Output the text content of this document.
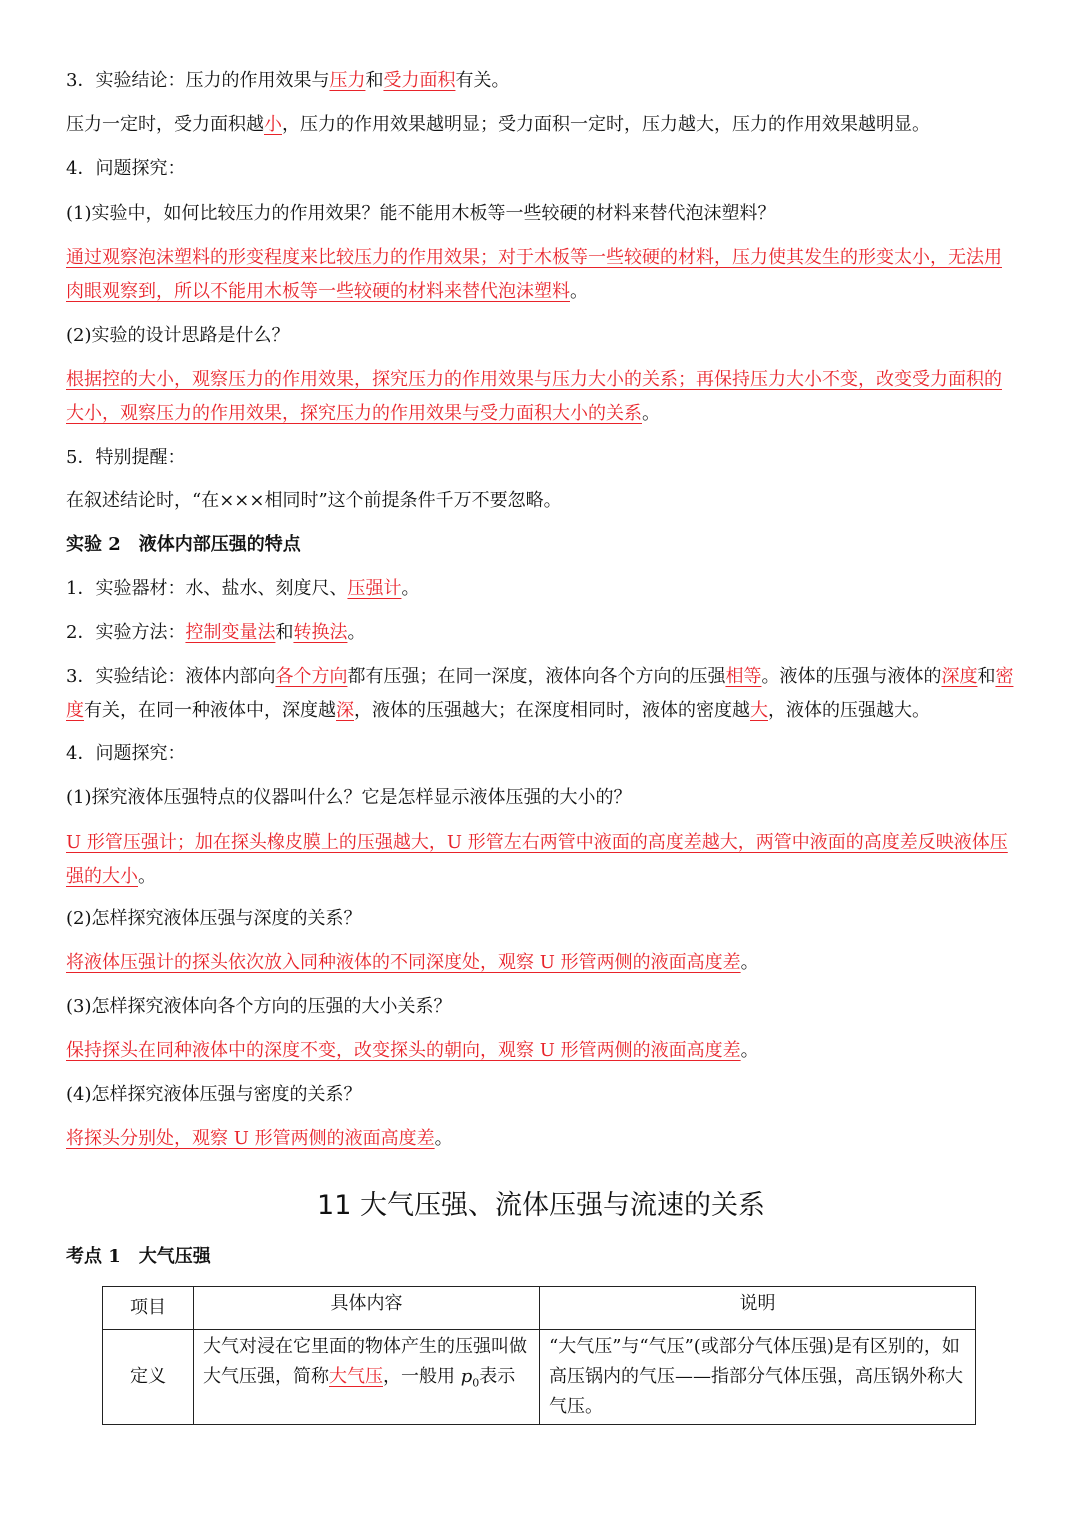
3．实验结论：压力的作用效果与压力和受力面积有关。
压力一定时，受力面积越小，压力的作用效果越明显；受力面积一定时，压力越大，压力的作用效果越明显。
4．问题探究：
(1)实验中，如何比较压力的作用效果？能不能用木板等一些较硬的材料来替代泡沫塑料？
通过观察泡沫塑料的形变程度来比较压力的作用效果；对于木板等一些较硬的材料，压力使其发生的形变太小，无法用肉眼观察到，所以不能用木板等一些较硬的材料来替代泡沫塑料。
(2)实验的设计思路是什么？
根据控的大小，观察压力的作用效果，探究压力的作用效果与压力大小的关系；再保持压力大小不变，改变受力面积的大小，观察压力的作用效果，探究压力的作用效果与受力面积大小的关系。
5．特别提醒：
在叙述结论时，“在×××相同时”这个前提条件千万不要忽略。
实验 2　液体内部压强的特点
1．实验器材：水、盐水、刻度尺、压强计。
2．实验方法：控制变量法和转换法。
3．实验结论：液体内部向各个方向都有压强；在同一深度，液体向各个方向的压强相等。液体的压强与液体的深度和密度有关，在同一种液体中，深度越深，液体的压强越大；在深度相同时，液体的密度越大，液体的压强越大。
4．问题探究：
(1)探究液体压强特点的仪器叫什么？它是怎样显示液体压强的大小的？
U 形管压强计；加在探头橡皮膜上的压强越大，U 形管左右两管中液面的高度差越大，两管中液面的高度差反映液体压强的大小。
(2)怎样探究液体压强与深度的关系？
将液体压强计的探头依次放入同种液体的不同深度处，观察 U 形管两侧的液面高度差。
(3)怎样探究液体向各个方向的压强的大小关系？
保持探头在同种液体中的深度不变，改变探头的朝向，观察 U 形管两侧的液面高度差。
(4)怎样探究液体压强与密度的关系？
将探头分别处，观察 U 形管两侧的液面高度差。
11 大气压强、流体压强与流速的关系
考点 1　大气压强
项目	具体内容	说明
定义	大气对浸在它里面的物体产生的压强叫做大气压强，简称大气压，一般用 $p_0$表示	“大气压”与“气压”(或部分气体压强)是有区别的，如高压锅内的气压——指部分气体压强，高压锅外称大气压。
